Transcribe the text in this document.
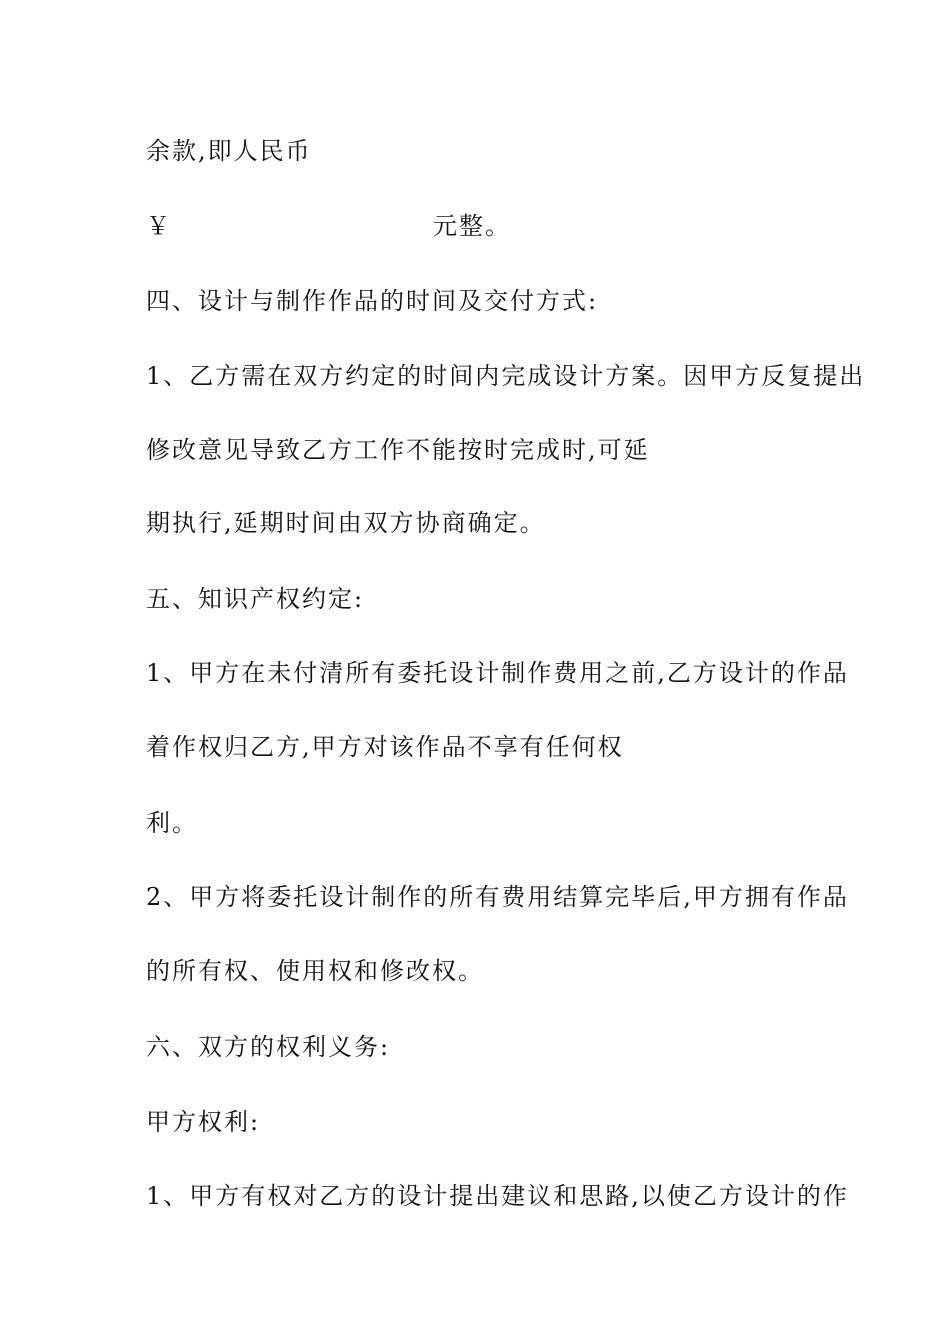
余款,即人民币
￥	元整。
四、设计与制作作品的时间及交付方式:
1、乙方需在双方约定的时间内完成设计方案。因甲方反复提出
修改意见导致乙方工作不能按时完成时,可延
期执行,延期时间由双方协商确定。
五、知识产权约定:
1、甲方在未付清所有委托设计制作费用之前,乙方设计的作品
着作权归乙方,甲方对该作品不享有任何权
利。
2、甲方将委托设计制作的所有费用结算完毕后,甲方拥有作品
的所有权、使用权和修改权。
六、双方的权利义务:
甲方权利:
1、甲方有权对乙方的设计提出建议和思路,以使乙方设计的作
